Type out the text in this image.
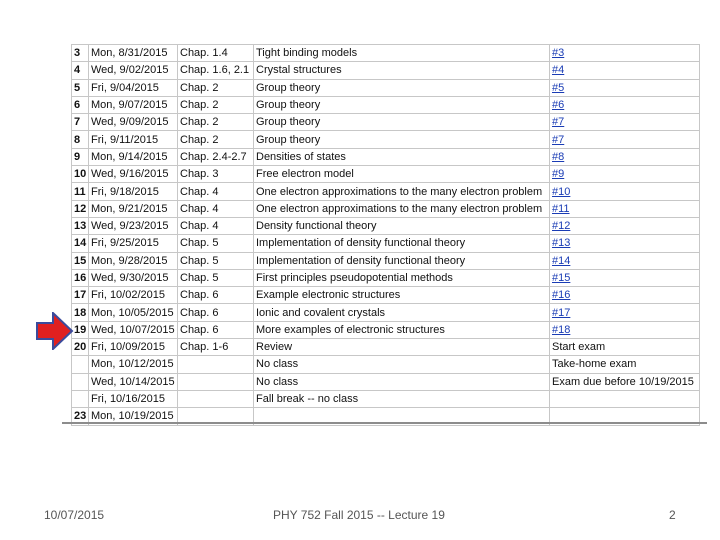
3	Mon, 8/31/2015	Chap. 1.4	Tight binding models	#3
4	Wed, 9/02/2015	Chap. 1.6, 2.1	Crystal structures	#4
5	Fri, 9/04/2015	Chap. 2	Group theory	#5
6	Mon, 9/07/2015	Chap. 2	Group theory	#6
7	Wed, 9/09/2015	Chap. 2	Group theory	#7
8	Fri, 9/11/2015	Chap. 2	Group theory	#7
9	Mon, 9/14/2015	Chap. 2.4-2.7	Densities of states	#8
10	Wed, 9/16/2015	Chap. 3	Free electron model	#9
11	Fri, 9/18/2015	Chap. 4	One electron approximations to the many electron problem	#10
12	Mon, 9/21/2015	Chap. 4	One electron approximations to the many electron problem	#11
13	Wed, 9/23/2015	Chap. 4	Density functional theory	#12
14	Fri, 9/25/2015	Chap. 5	Implementation of density functional theory	#13
15	Mon, 9/28/2015	Chap. 5	Implementation of density functional theory	#14
16	Wed, 9/30/2015	Chap. 5	First principles pseudopotential methods	#15
17	Fri, 10/02/2015	Chap. 6	Example electronic structures	#16
18	Mon, 10/05/2015	Chap. 6	Ionic and covalent crystals	#17
19	Wed, 10/07/2015	Chap. 6	More examples of electronic structures	#18
20	Fri, 10/09/2015	Chap. 1-6	Review	Start exam
	Mon, 10/12/2015		No class	Take-home exam
	Wed, 10/14/2015		No class	Exam due before 10/19/2015
	Fri, 10/16/2015		Fall break -- no class	
23	Mon, 10/19/2015			
10/07/2015	PHY 752 Fall 2015 -- Lecture 19	2
